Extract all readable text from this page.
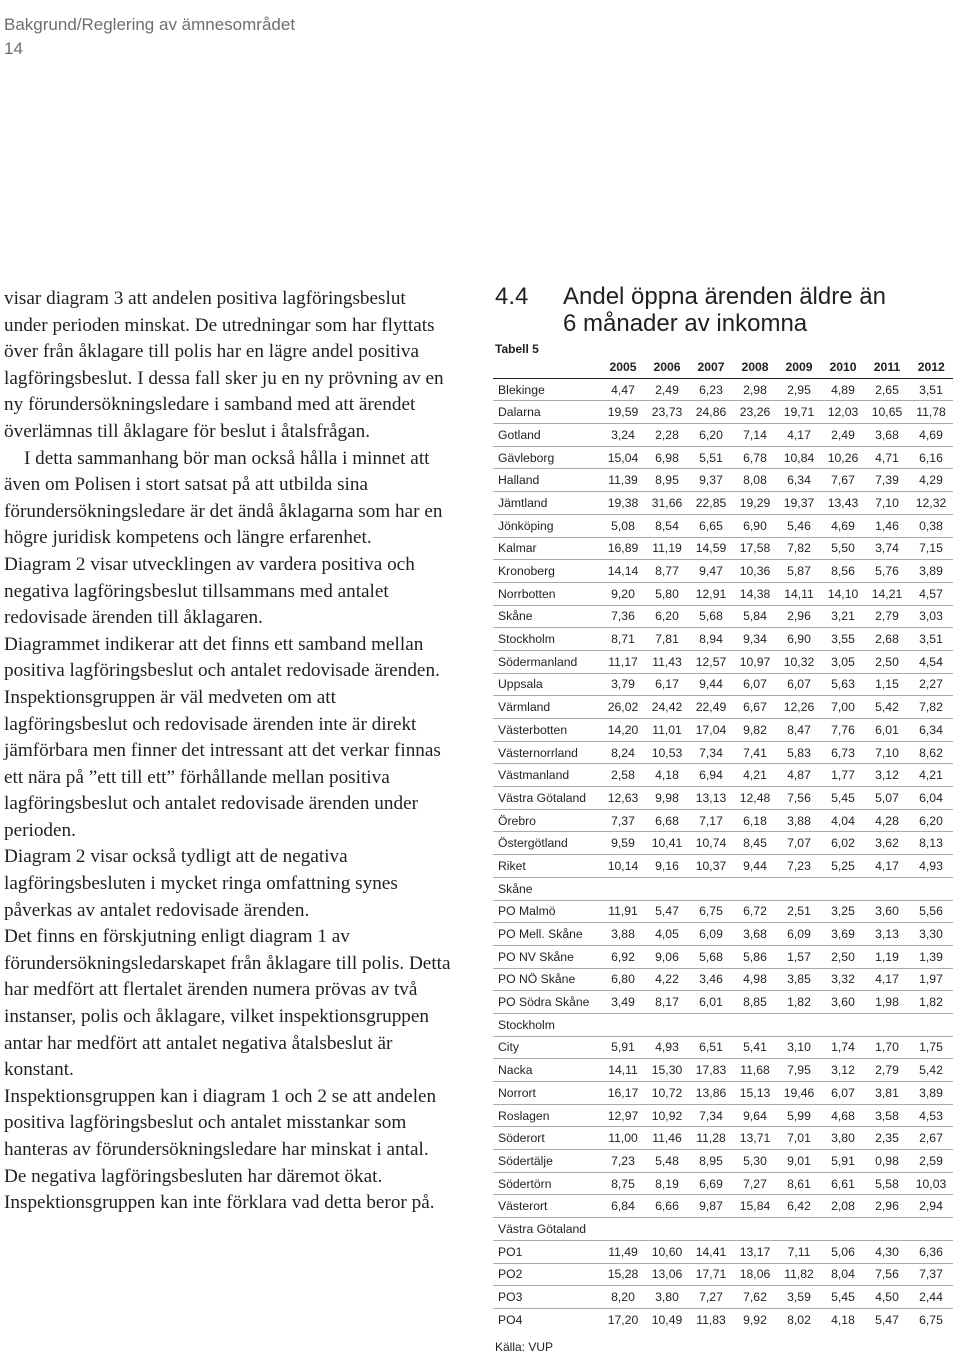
Bakgrund/Reglering av ämnesområdet
14

visar diagram 3 att andelen positiva lagföringsbeslut under perioden minskat. De utredningar som har flyttats över från åklagare till polis har en lägre andel positiva lagföringsbeslut. I dessa fall sker ju en ny prövning av en ny förundersökningsledare i samband med att ärendet överlämnas till åklagare för beslut i åtalsfrågan.

I detta sammanhang bör man också hålla i minnet att även om Polisen i stort satsat på att utbilda sina förundersökningsledare är det ändå åklagarna som har en högre juridisk kompetens och längre erfarenhet.

Diagram 2 visar utvecklingen av vardera positiva och negativa lagföringsbeslut tillsammans med antalet redovisade ärenden till åklagaren.

Diagrammet indikerar att det finns ett samband mellan positiva lagföringsbeslut och antalet redovisade ärenden. Inspektionsgruppen är väl medveten om att lagföringsbeslut och redovisade ärenden inte är direkt jämförbara men finner det intressant att det verkar finnas ett nära på ”ett till ett” förhållande mellan positiva lagföringsbeslut och antalet redovisade ärenden under perioden.

Diagram 2 visar också tydligt att de negativa lagföringsbesluten i mycket ringa omfattning synes påverkas av antalet redovisade ärenden.

Det finns en förskjutning enligt diagram 1 av förundersökningsledarskapet från åklagare till polis. Detta har medfört att flertalet ärenden numera prövas av två instanser, polis och åklagare, vilket inspektionsgruppen antar har medfört att antalet negativa åtalsbeslut är konstant.

Inspektionsgruppen kan i diagram 1 och 2 se att andelen positiva lagföringsbeslut och antalet misstankar som hanteras av förundersökningsledare har minskat i antal. De negativa lagföringsbesluten har däremot ökat. Inspektionsgruppen kan inte förklara vad detta beror på.

4.4 Andel öppna ärenden äldre än
6 månader av inkomna
Tabell 5
	2005	2006	2007	2008	2009	2010	2011	2012
Blekinge	4,47	2,49	6,23	2,98	2,95	4,89	2,65	3,51
Dalarna	19,59	23,73	24,86	23,26	19,71	12,03	10,65	11,78
Gotland	3,24	2,28	6,20	7,14	4,17	2,49	3,68	4,69
Gävleborg	15,04	6,98	5,51	6,78	10,84	10,26	4,71	6,16
Halland	11,39	8,95	9,37	8,08	6,34	7,67	7,39	4,29
Jämtland	19,38	31,66	22,85	19,29	19,37	13,43	7,10	12,32
Jönköping	5,08	8,54	6,65	6,90	5,46	4,69	1,46	0,38
Kalmar	16,89	11,19	14,59	17,58	7,82	5,50	3,74	7,15
Kronoberg	14,14	8,77	9,47	10,36	5,87	8,56	5,76	3,89
Norrbotten	9,20	5,80	12,91	14,38	14,11	14,10	14,21	4,57
Skåne	7,36	6,20	5,68	5,84	2,96	3,21	2,79	3,03
Stockholm	8,71	7,81	8,94	9,34	6,90	3,55	2,68	3,51
Södermanland	11,17	11,43	12,57	10,97	10,32	3,05	2,50	4,54
Uppsala	3,79	6,17	9,44	6,07	6,07	5,63	1,15	2,27
Värmland	26,02	24,42	22,49	6,67	12,26	7,00	5,42	7,82
Västerbotten	14,20	11,01	17,04	9,82	8,47	7,76	6,01	6,34
Västernorrland	8,24	10,53	7,34	7,41	5,83	6,73	7,10	8,62
Västmanland	2,58	4,18	6,94	4,21	4,87	1,77	3,12	4,21
Västra Götaland	12,63	9,98	13,13	12,48	7,56	5,45	5,07	6,04
Örebro	7,37	6,68	7,17	6,18	3,88	4,04	4,28	6,20
Östergötland	9,59	10,41	10,74	8,45	7,07	6,02	3,62	8,13
Riket	10,14	9,16	10,37	9,44	7,23	5,25	4,17	4,93
Skåne								
PO Malmö	11,91	5,47	6,75	6,72	2,51	3,25	3,60	5,56
PO Mell. Skåne	3,88	4,05	6,09	3,68	6,09	3,69	3,13	3,30
PO NV Skåne	6,92	9,06	5,68	5,86	1,57	2,50	1,19	1,39
PO NÖ Skåne	6,80	4,22	3,46	4,98	3,85	3,32	4,17	1,97
PO Södra Skåne	3,49	8,17	6,01	8,85	1,82	3,60	1,98	1,82
Stockholm								
City	5,91	4,93	6,51	5,41	3,10	1,74	1,70	1,75
Nacka	14,11	15,30	17,83	11,68	7,95	3,12	2,79	5,42
Norrort	16,17	10,72	13,86	15,13	19,46	6,07	3,81	3,89
Roslagen	12,97	10,92	7,34	9,64	5,99	4,68	3,58	4,53
Söderort	11,00	11,46	11,28	13,71	7,01	3,80	2,35	2,67
Södertälje	7,23	5,48	8,95	5,30	9,01	5,91	0,98	2,59
Södertörn	8,75	8,19	6,69	7,27	8,61	6,61	5,58	10,03
Västerort	6,84	6,66	9,87	15,84	6,42	2,08	2,96	2,94
Västra Götaland								
PO1	11,49	10,60	14,41	13,17	7,11	5,06	4,30	6,36
PO2	15,28	13,06	17,71	18,06	11,82	8,04	7,56	7,37
PO3	8,20	3,80	7,27	7,62	3,59	5,45	4,50	2,44
PO4	17,20	10,49	11,83	9,92	8,02	4,18	5,47	6,75
Källa: VUP
